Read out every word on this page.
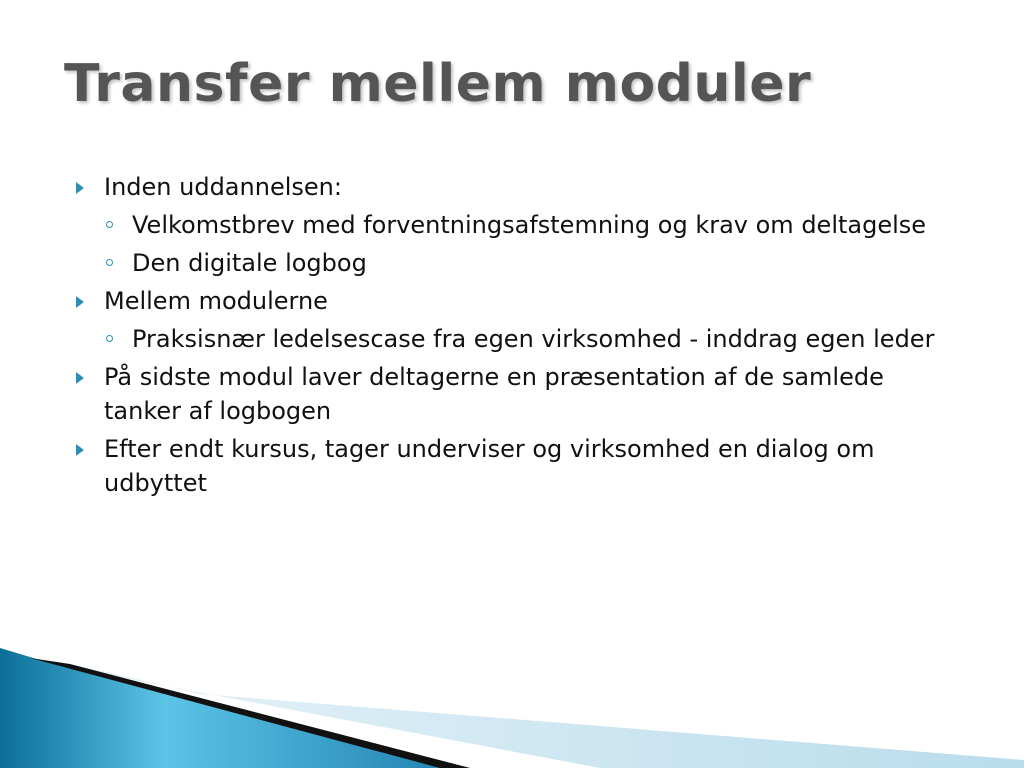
Transfer mellem moduler
Inden uddannelsen:
Velkomstbrev med forventningsafstemning og krav om deltagelse
Den digitale logbog
Mellem modulerne
Praksisnær ledelsescase fra egen virksomhed - inddrag egen leder
På sidste modul laver deltagerne en præsentation af de samlede tanker af logbogen
Efter endt kursus, tager underviser og virksomhed en dialog om udbyttet
